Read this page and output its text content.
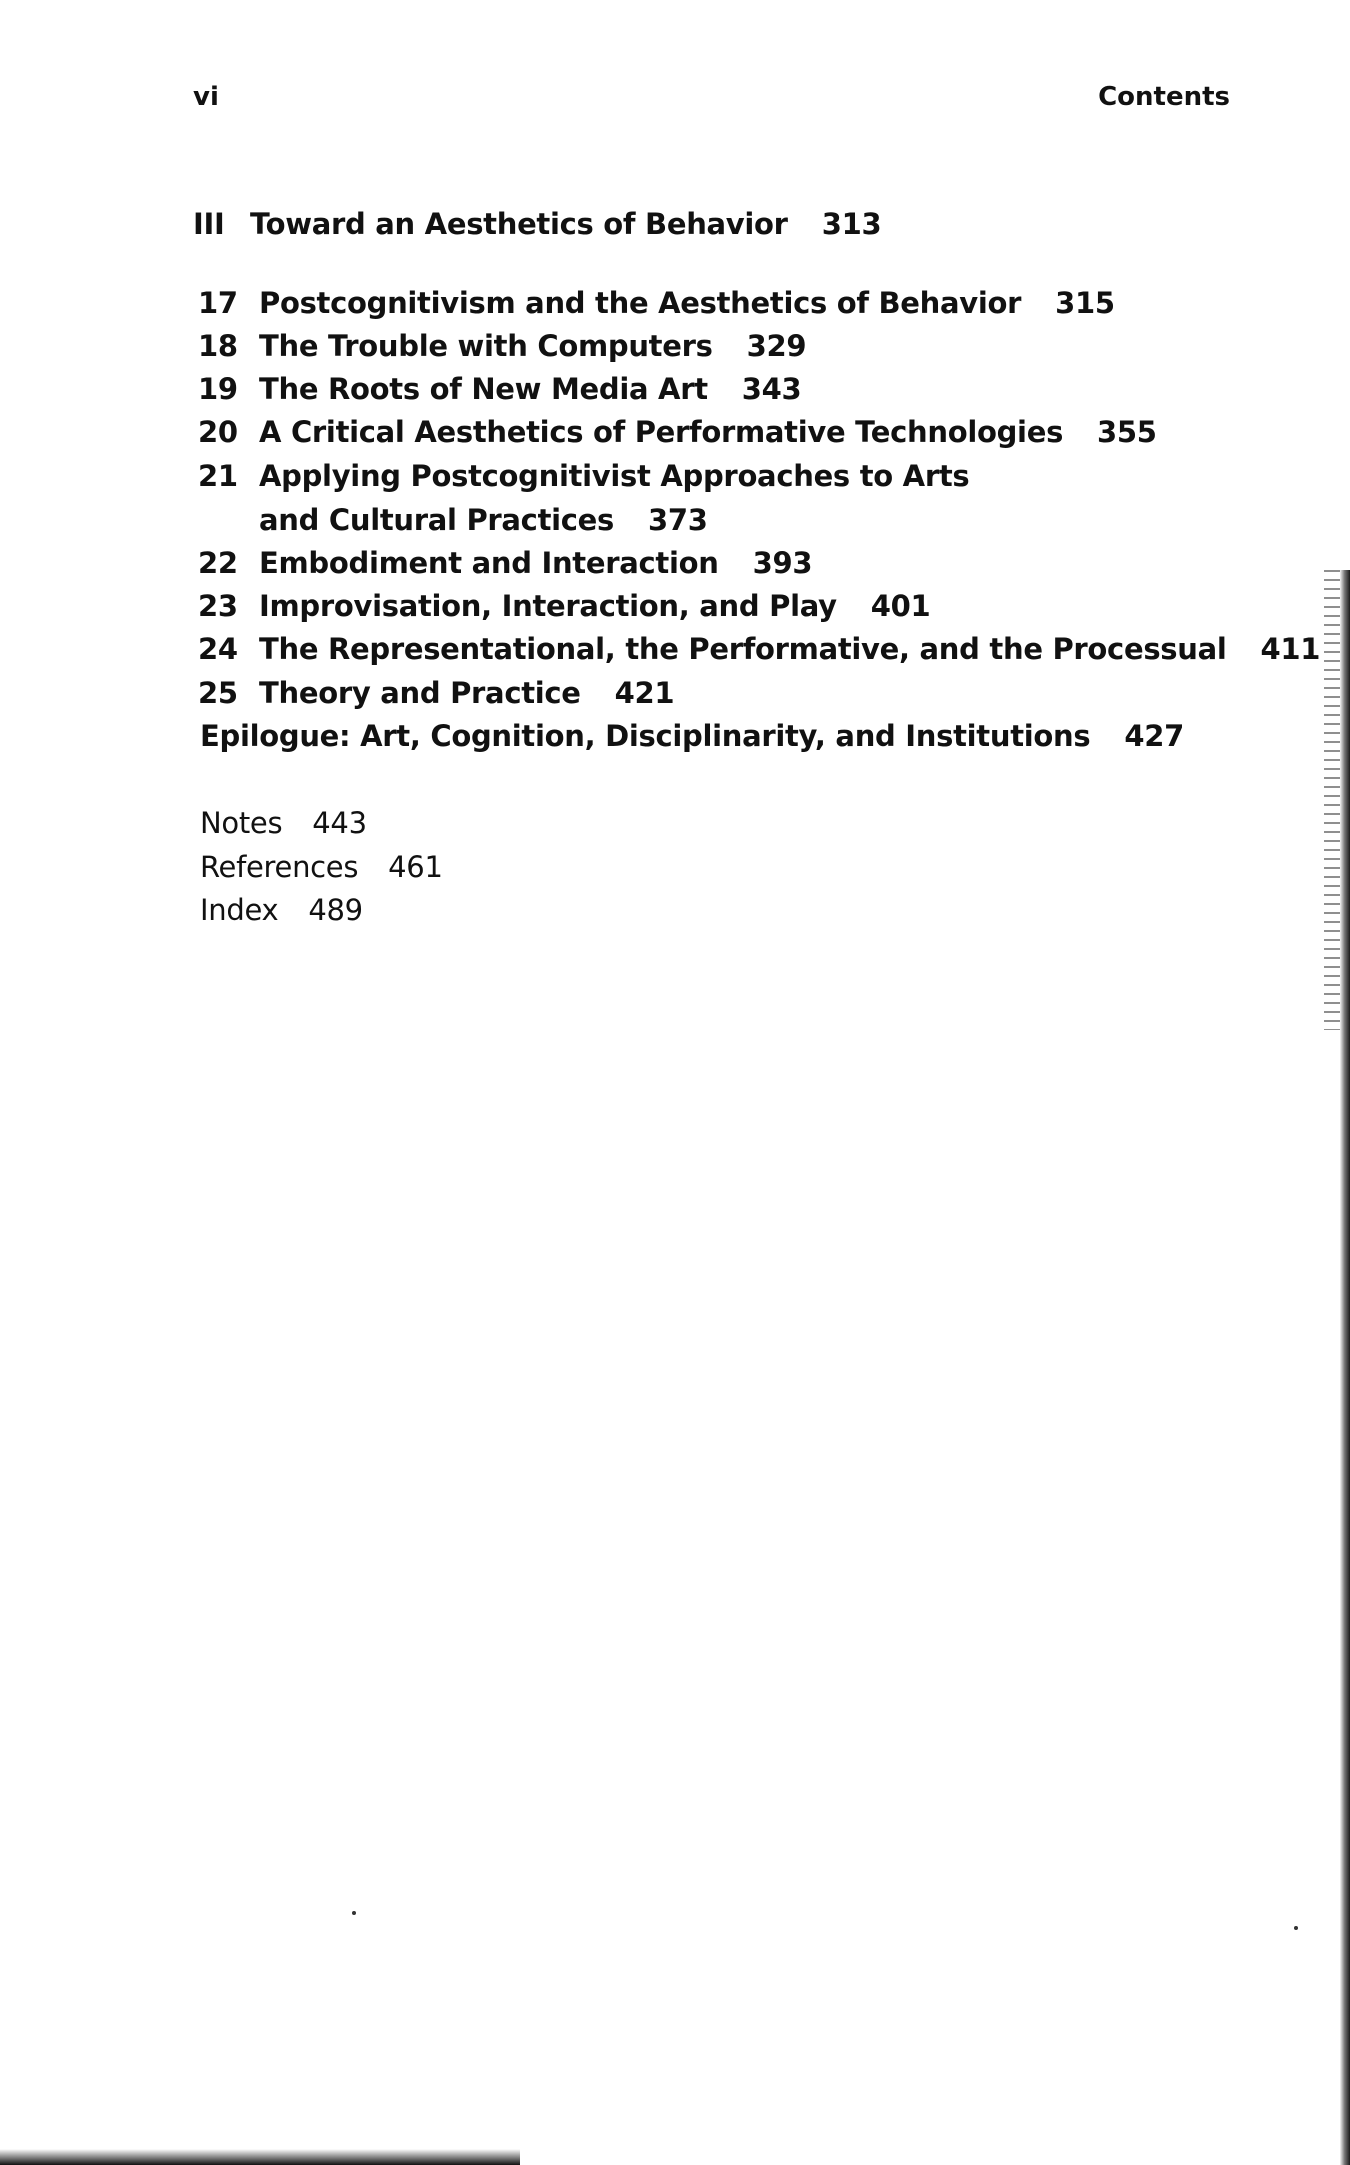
vi	Contents
III Toward an Aesthetics of Behavior 313
17 Postcognitivism and the Aesthetics of Behavior 315
18 The Trouble with Computers 329
19 The Roots of New Media Art 343
20 A Critical Aesthetics of Performative Technologies 355
21 Applying Postcognitivist Approaches to Arts
and Cultural Practices 373
22 Embodiment and Interaction 393
23 Improvisation, Interaction, and Play 401
24 The Representational, the Performative, and the Processual 411
25 Theory and Practice 421
Epilogue: Art, Cognition, Disciplinarity, and Institutions 427
Notes 443
References 461
Index 489
